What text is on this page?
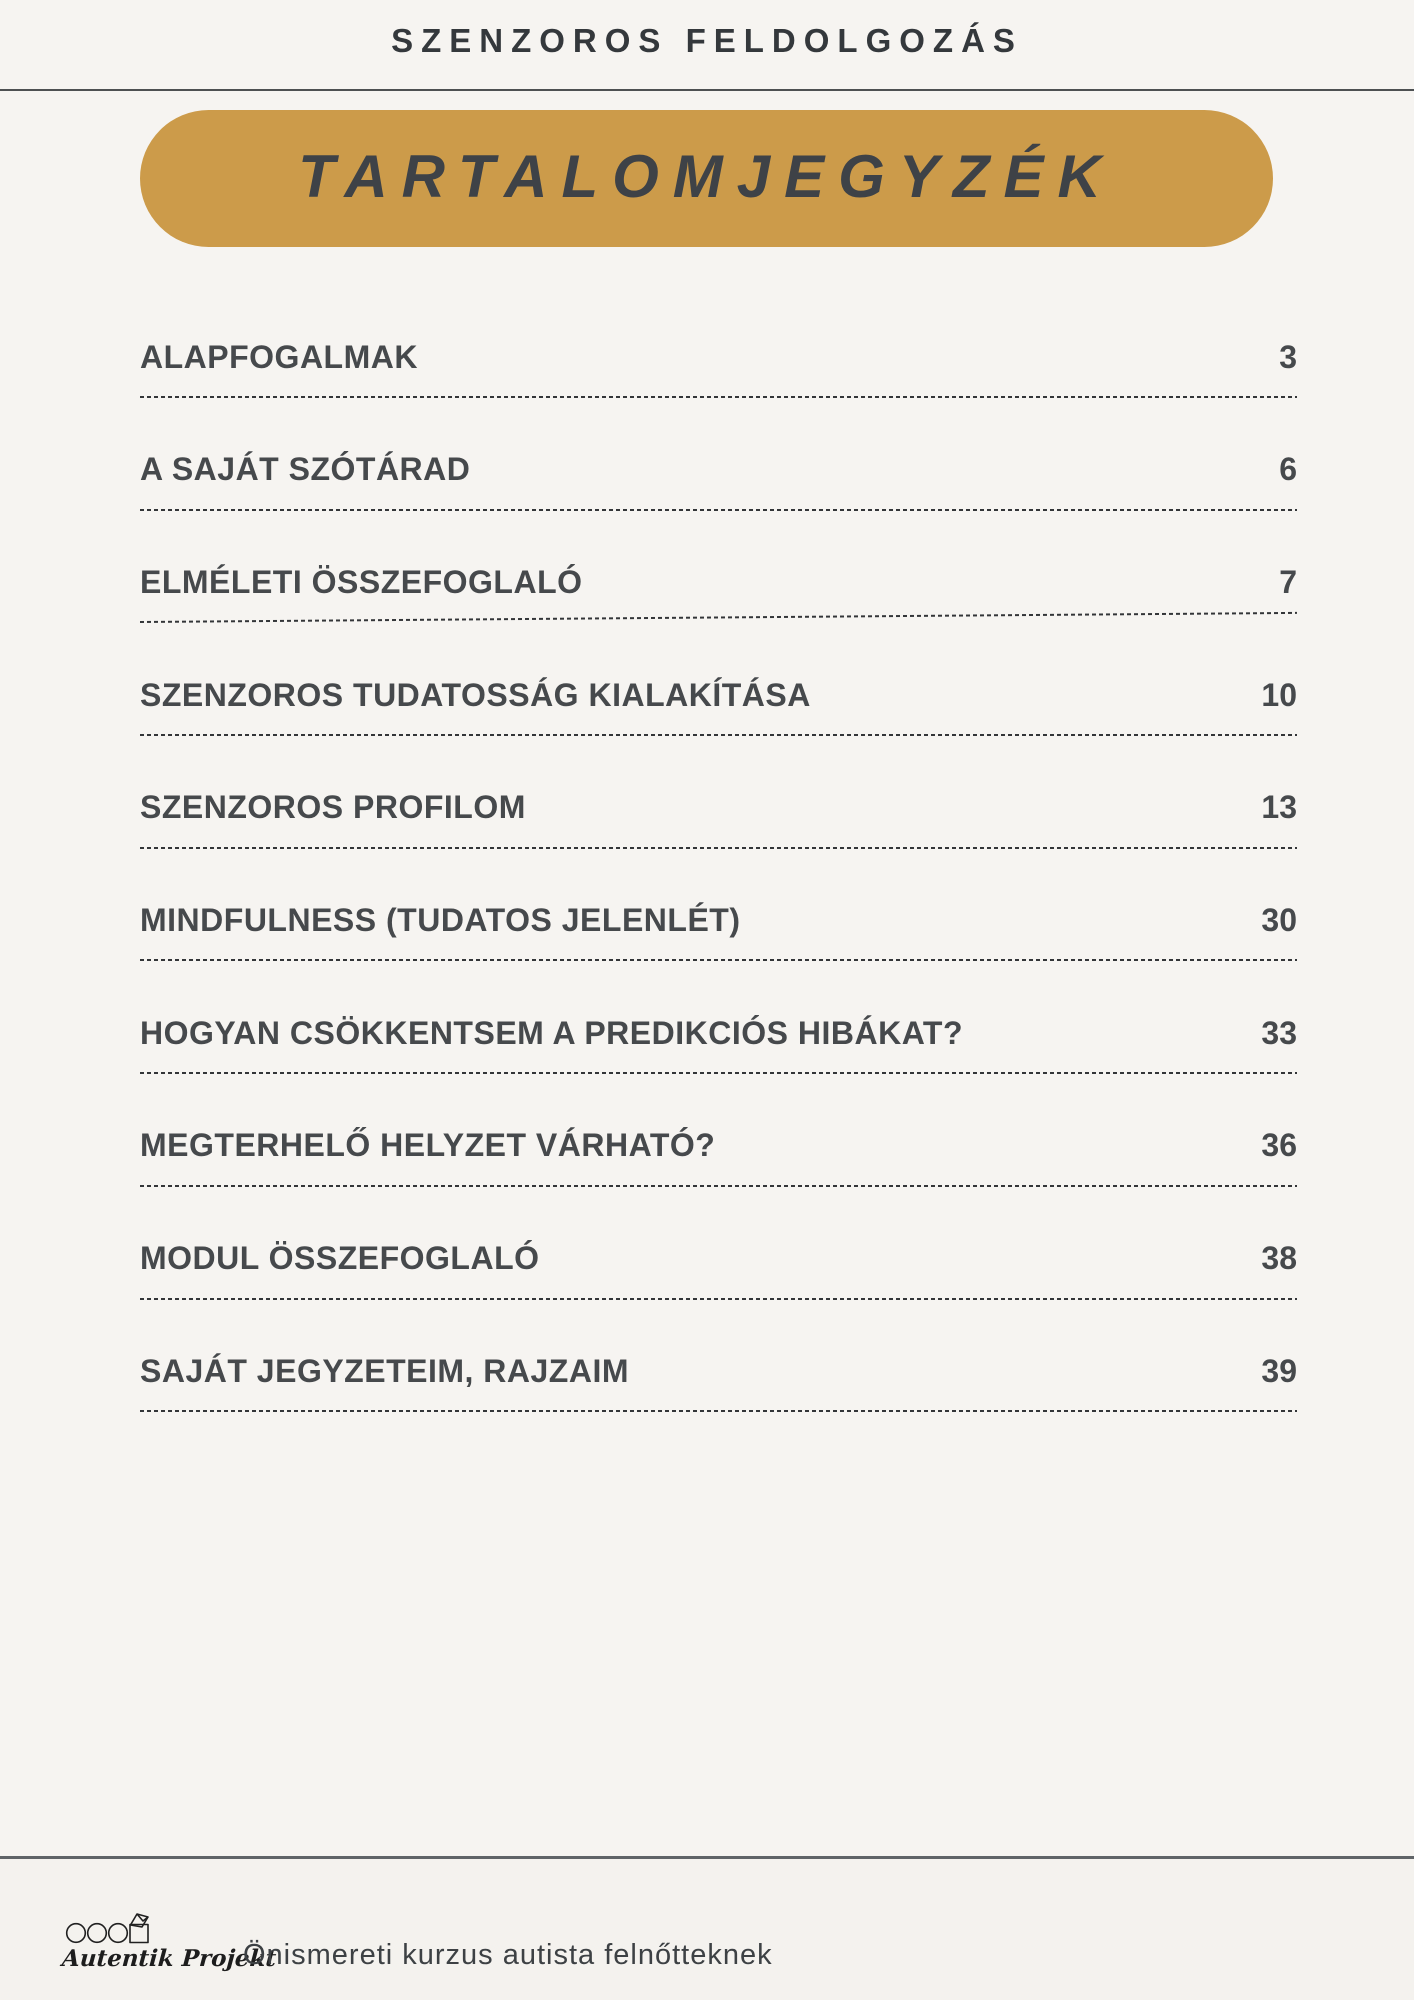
SZENZOROS FELDOLGOZÁS
TARTALOMJEGYZÉK
ALAPFOGALMAK	3
A SAJÁT SZÓTÁRAD	6
ELMÉLETI ÖSSZEFOGLALÓ	7
SZENZOROS TUDATOSSÁG KIALAKÍTÁSA	10
SZENZOROS PROFILOM	13
MINDFULNESS (TUDATOS JELENLÉT)	30
HOGYAN CSÖKKENTSEM A PREDIKCIÓS HIBÁKAT?	33
MEGTERHELŐ HELYZET VÁRHATÓ?	36
MODUL ÖSSZEFOGLALÓ	38
SAJÁT JEGYZETEIM, RAJZAIM	39
Autentik Projekt
Önismereti kurzus autista felnőtteknek
